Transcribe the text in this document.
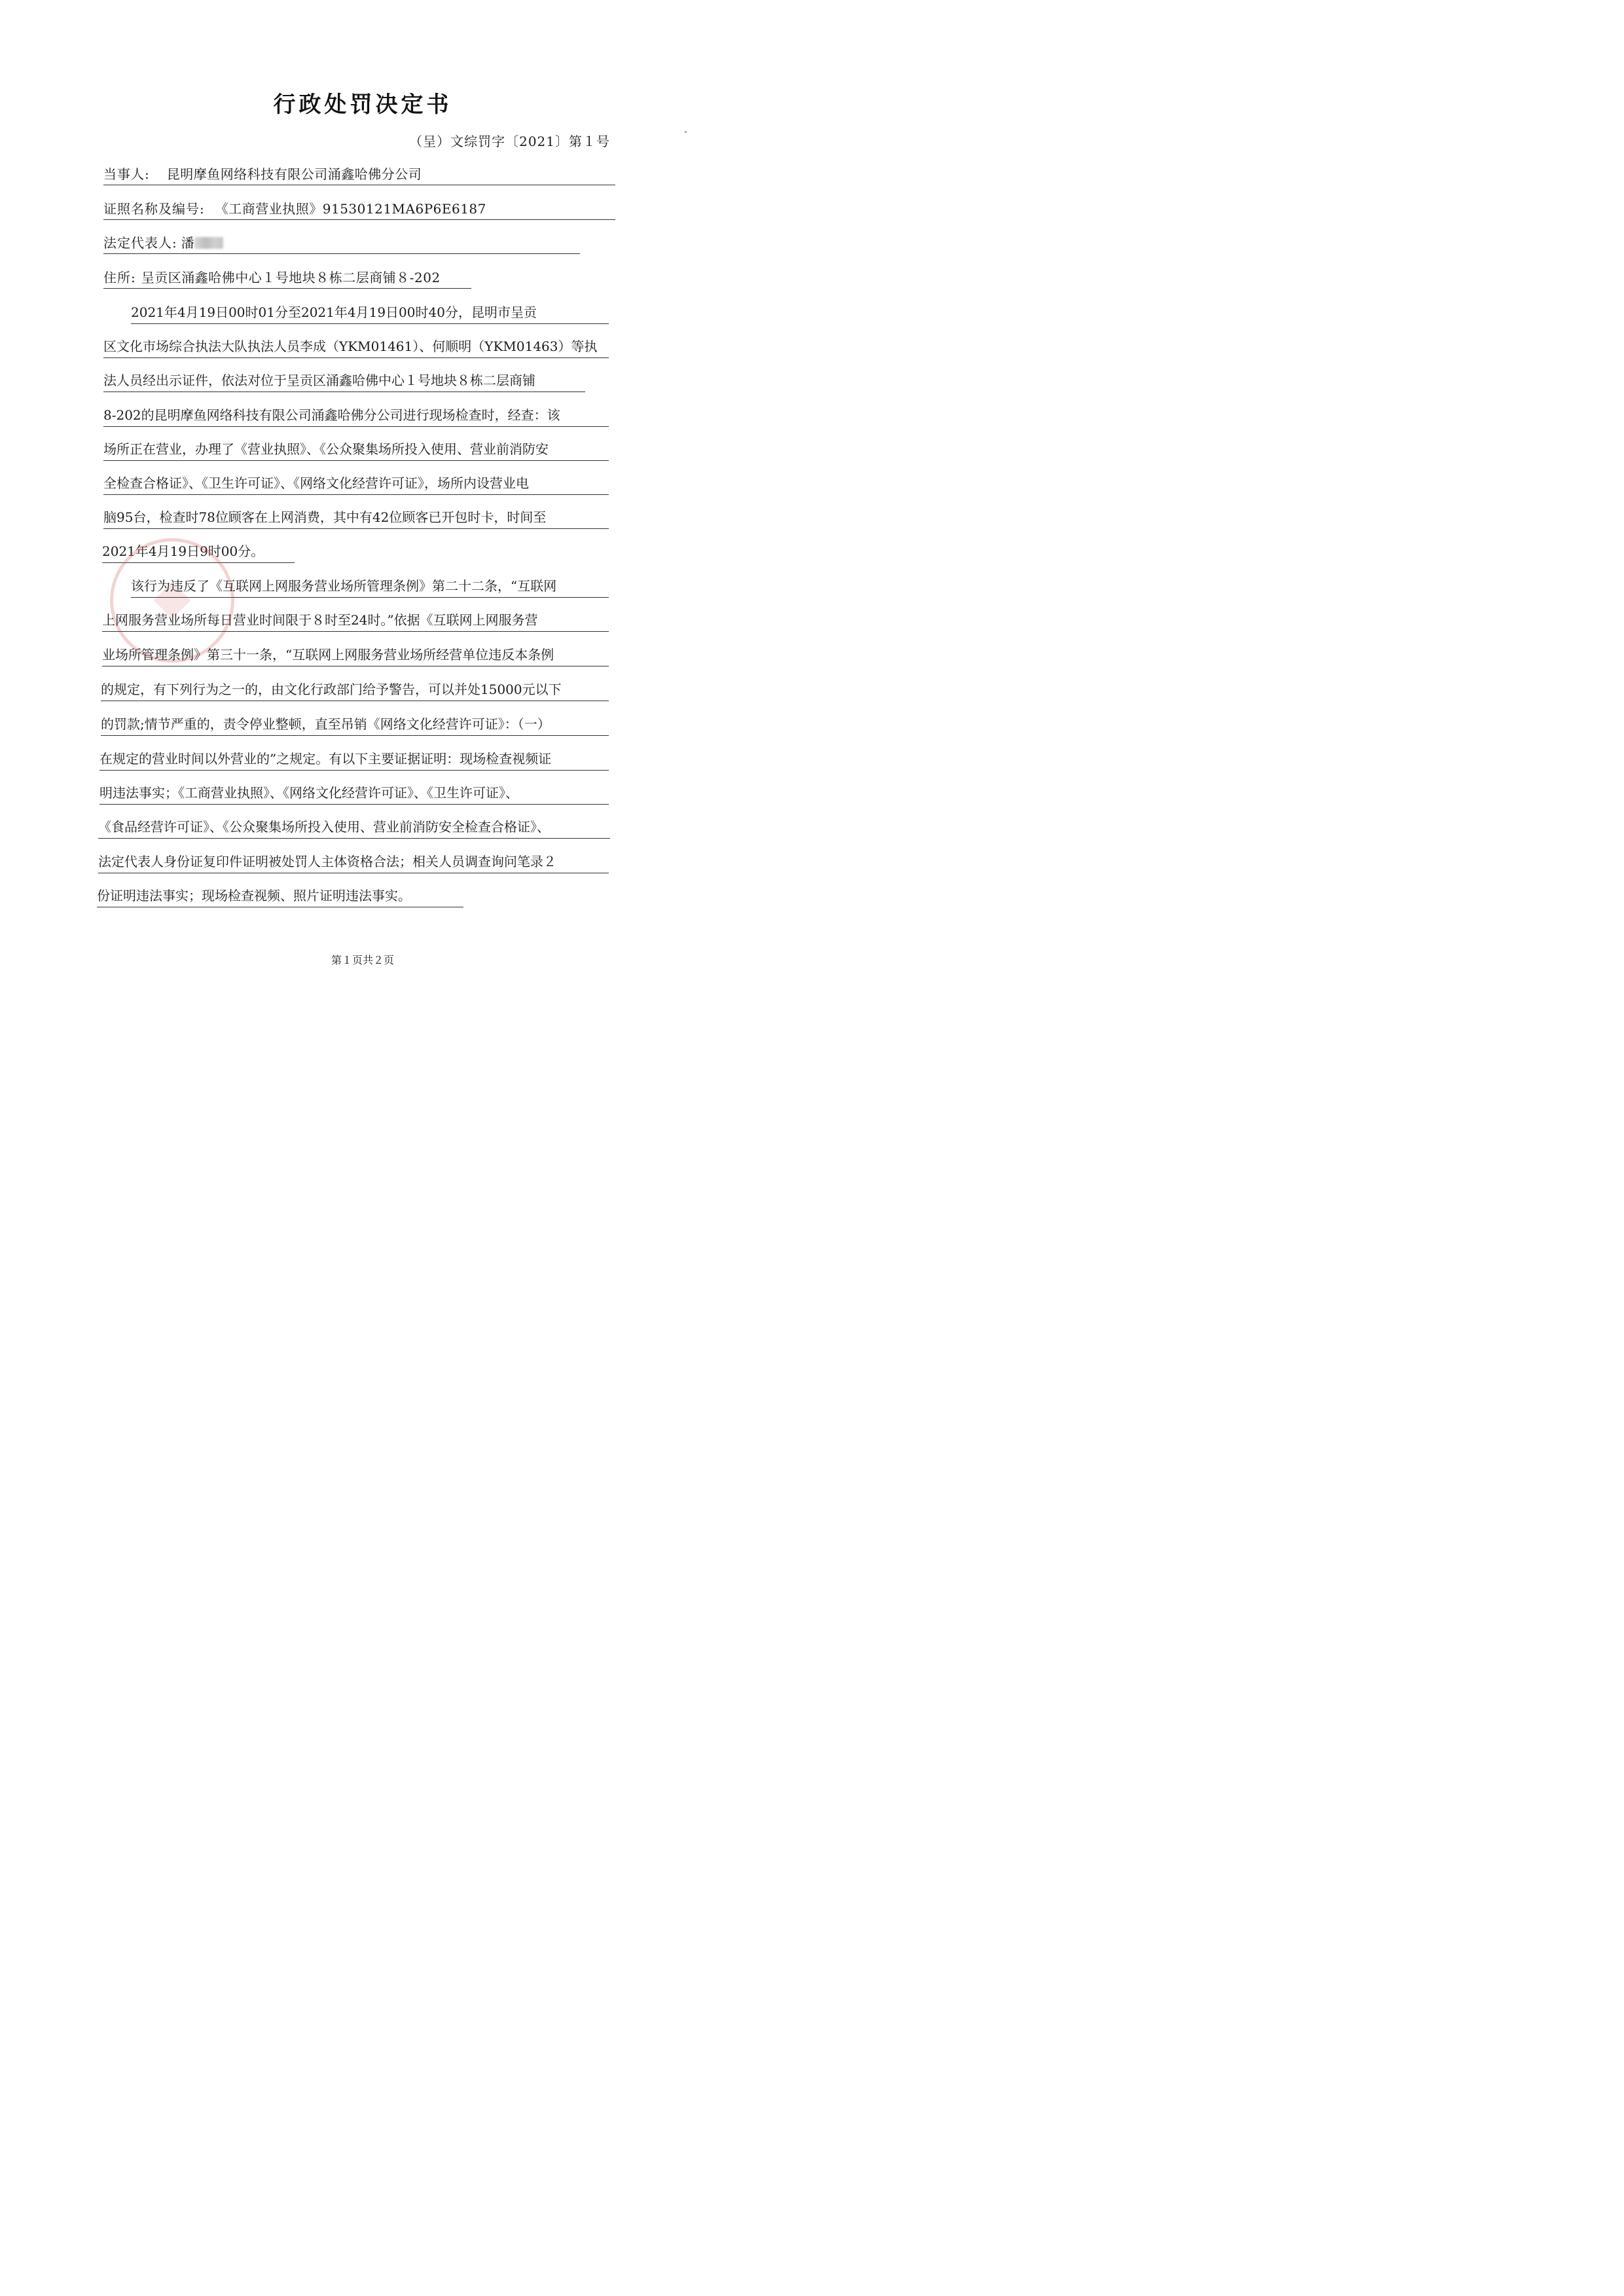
行政处罚决定书
（呈）文综罚字〔2021〕第１号
当事人: 昆明摩鱼网络科技有限公司涌鑫哈佛分公司
证照名称及编号: 《工商营业执照》91530121MA6P6E6187
法定代表人: 潘
住所: 呈贡区涌鑫哈佛中心１号地块８栋二层商铺８-202
2021年4月19日00时01分至2021年4月19日00时40分，昆明市呈贡
区文化市场综合执法大队执法人员李成（YKM01461）、何顺明（YKM01463）等执
法人员经出示证件，依法对位于呈贡区涌鑫哈佛中心１号地块８栋二层商铺
8-202的昆明摩鱼网络科技有限公司涌鑫哈佛分公司进行现场检查时，经查：该
场所正在营业，办理了《营业执照》、《公众聚集场所投入使用、营业前消防安
全检查合格证》、《卫生许可证》、《网络文化经营许可证》，场所内设营业电
脑95台，检查时78位顾客在上网消费，其中有42位顾客已开包时卡，时间至
2021年4月19日9时00分。
该行为违反了《互联网上网服务营业场所管理条例》第二十二条，“互联网
上网服务营业场所每日营业时间限于８时至24时。”依据《互联网上网服务营
业场所管理条例》第三十一条，“互联网上网服务营业场所经营单位违反本条例
的规定，有下列行为之一的，由文化行政部门给予警告，可以并处15000元以下
的罚款;情节严重的，责令停业整顿，直至吊销《网络文化经营许可证》：（一）
在规定的营业时间以外营业的”之规定。有以下主要证据证明：现场检查视频证
明违法事实；《工商营业执照》、《网络文化经营许可证》、《卫生许可证》、
《食品经营许可证》、《公众聚集场所投入使用、营业前消防安全检查合格证》、
法定代表人身份证复印件证明被处罚人主体资格合法；相关人员调查询问笔录２
份证明违法事实；现场检查视频、照片证明违法事实。
第１页共２页
